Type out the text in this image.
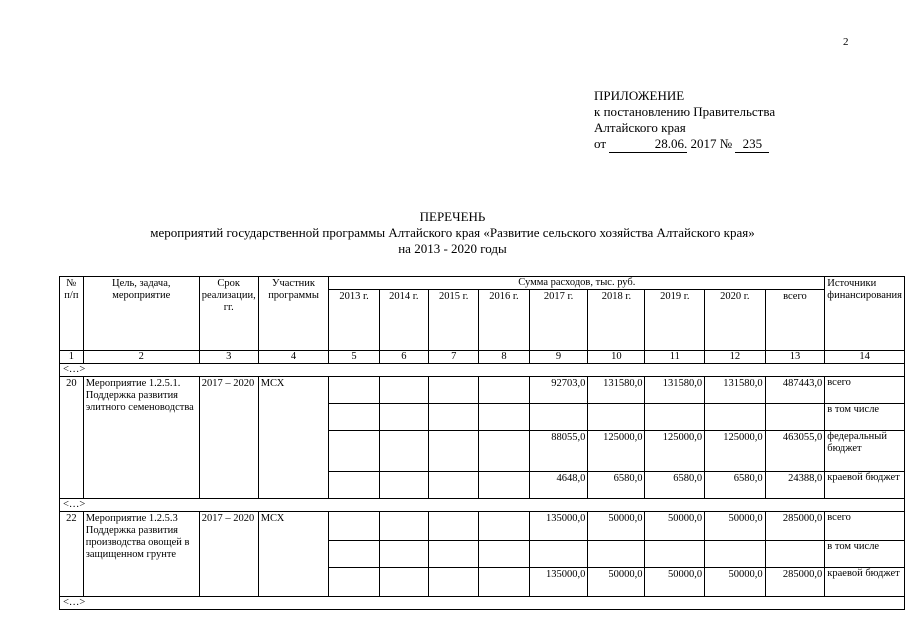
2
ПРИЛОЖЕНИЕ
к постановлению Правительства
Алтайского края
от	28.06. 2017 № 235
ПЕРЕЧЕНЬ
мероприятий государственной программы Алтайского края «Развитие сельского хозяйства Алтайского края»
на 2013 - 2020 годы
№ п/п	Цель, задача, мероприятие	Срок реализации, гг.	Участник программы	Сумма расходов, тыс. руб.									Источники финансирования
				2013 г.	2014 г.	2015 г.	2016 г.	2017 г.	2018 г.	2019 г.	2020 г.	всего	
1	2	3	4	5	6	7	8	9	10	11	12	13	14
<…>													
20	Мероприятие 1.2.5.1. Поддержка развития элитного семеноводства	2017 – 2020	МСХ					92703,0	131580,0	131580,0	131580,0	487443,0	всего
													в том числе
								88055,0	125000,0	125000,0	125000,0	463055,0	федеральный бюджет
								4648,0	6580,0	6580,0	6580,0	24388,0	краевой бюджет
<…>													
22	Мероприятие 1.2.5.3 Поддержка развития производства овощей в защищенном грунте	2017 – 2020	МСХ					135000,0	50000,0	50000,0	50000,0	285000,0	всего
													в том числе
								135000,0	50000,0	50000,0	50000,0	285000,0	краевой бюджет
<…>													
